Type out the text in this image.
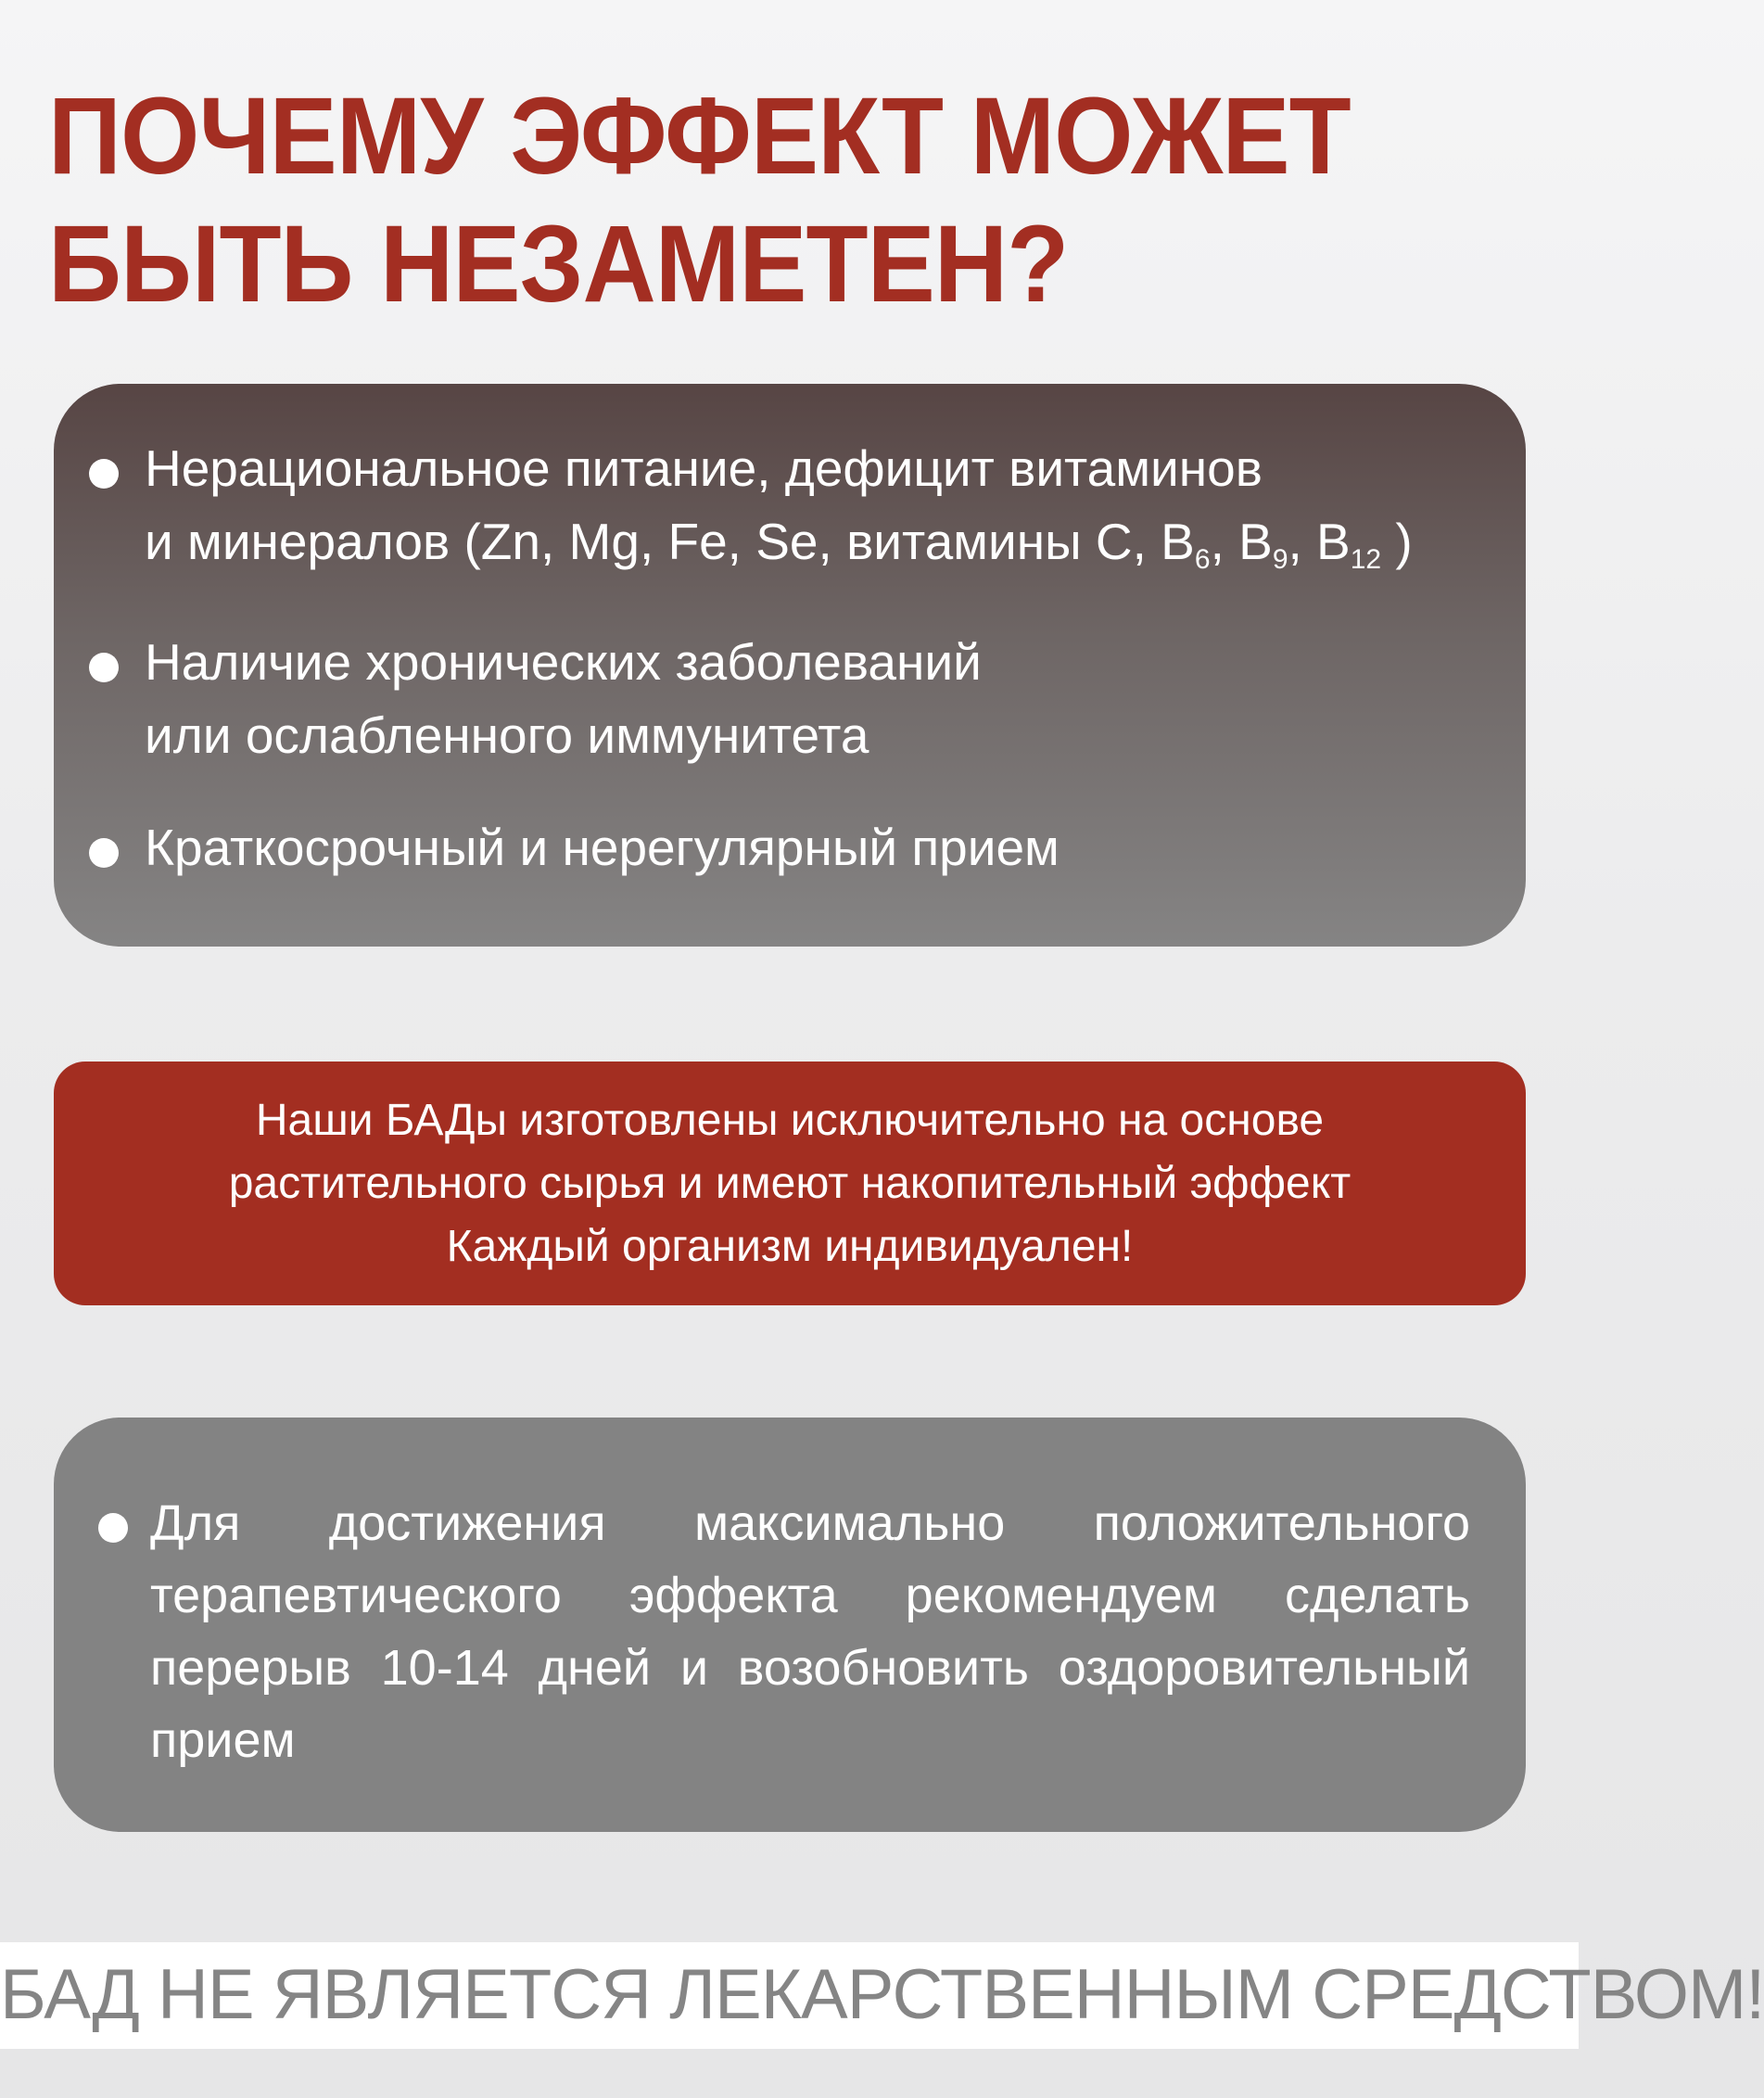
ПОЧЕМУ ЭФФЕКТ МОЖЕТ
БЫТЬ НЕЗАМЕТЕН?
Нерациональное питание, дефицит витаминов
и минералов (Zn, Mg, Fe, Se, витамины С, В6, В9, В12 )
Наличие хронических заболеваний
или ослабленного иммунитета
Краткосрочный и нерегулярный прием
Наши БАДы изготовлены исключительно на основе
растительного сырья и имеют накопительный эффект
Каждый организм индивидуален!

Для достижения максимально положительного терапевтического эффекта рекомендуем сделать перерыв 10-14 дней и возобновить оздоровительный прием

БАД НЕ ЯВЛЯЕТСЯ ЛЕКАРСТВЕННЫМ СРЕДСТВОМ!
